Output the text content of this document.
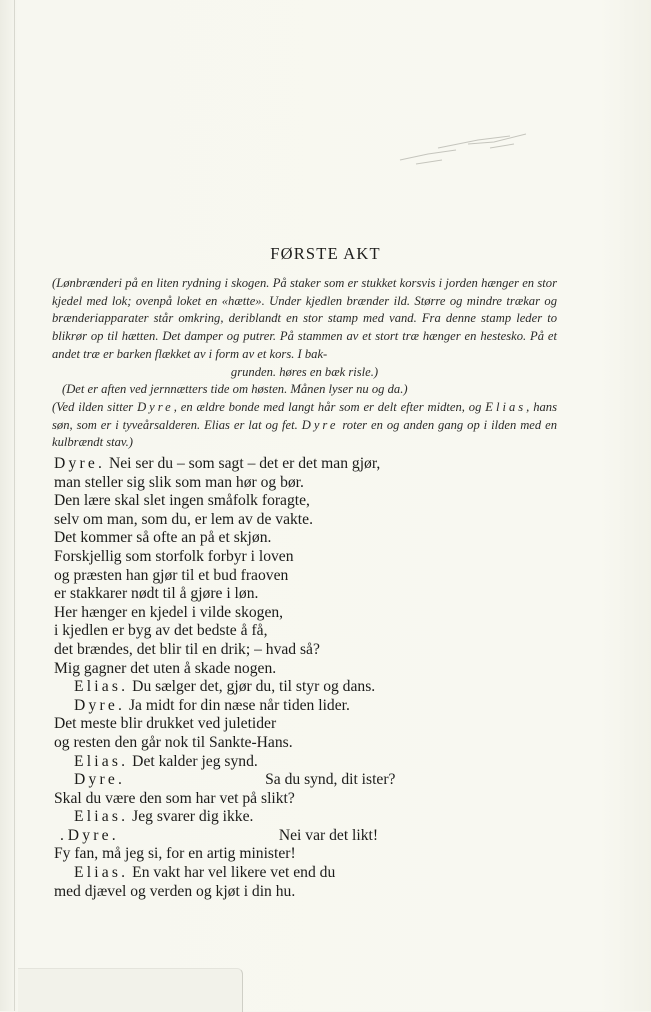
FØRSTE AKT

(Lønbrænderi på en liten rydning i skogen. På staker som er stukket korsvis i jorden hænger en stor kjedel med lok; ovenpå loket en «hætte». Under kjedlen brænder ild. Større og mindre trækar og brænderiapparater står omkring, deriblandt en stor stamp med vand. Fra denne stamp leder to blikrør op til hætten. Det damper og putrer. På stammen av et stort træ hænger en hestesko. På et andet træ er barken flækket av i form av et kors. I bak-

grunden. høres en bæk risle.)

(Det er aften ved jernnætters tide om høsten. Månen lyser nu og da.)

(Ved ilden sitter Dyre, en ældre bonde med langt hår som er delt efter midten, og Elias, hans søn, som er i tyveårsalderen. Elias er lat og fet. Dyre roter en og anden gang op i ilden med en kulbrændt stav.)

Dyre. Nei ser du – som sagt – det er det man gjør,
man steller sig slik som man hør og bør.
Den lære skal slet ingen småfolk foragte,
selv om man, som du, er lem av de vakte.
Det kommer så ofte an på et skjøn.
Forskjellig som storfolk forbyr i loven
og præsten han gjør til et bud fraoven
er stakkarer nødt til å gjøre i løn.
Her hænger en kjedel i vilde skogen,
i kjedlen er byg av det bedste å få,
det brændes, det blir til en drik; – hvad så?
Mig gagner det uten å skade nogen.
Elias. Du sælger det, gjør du, til styr og dans.
Dyre. Ja midt for din næse når tiden lider.
Det meste blir drukket ved juletider
og resten den går nok til Sankte-Hans.
Elias. Det kalder jeg synd.
Dyre.	Sa du synd, dit ister?
Skal du være den som har vet på slikt?
Elias. Jeg svarer dig ikke.
. Dyre.	Nei var det likt!
Fy fan, må jeg si, for en artig minister!
Elias. En vakt har vel likere vet end du
med djævel og verden og kjøt i din hu.
